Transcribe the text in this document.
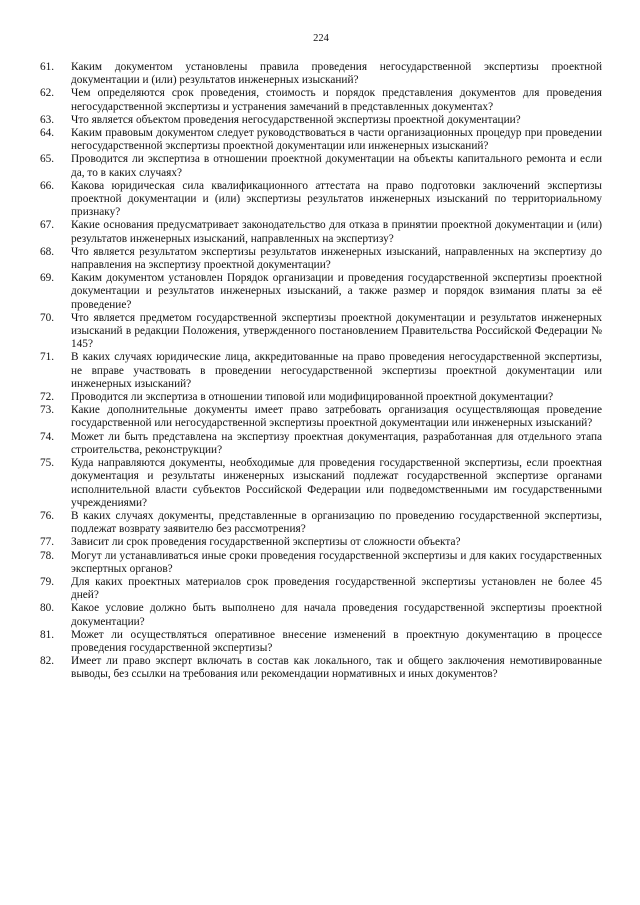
224
61.	Каким документом установлены правила проведения негосударственной экспертизы проектной документации и (или) результатов инженерных изысканий?
62.	Чем определяются срок проведения, стоимость и порядок представления документов для проведения негосударственной экспертизы и устранения замечаний в представленных документах?
63.	Что является объектом проведения негосударственной экспертизы проектной документации?
64.	Каким правовым документом следует руководствоваться в части организационных процедур при проведении негосударственной экспертизы проектной документации или инженерных изысканий?
65.	Проводится ли экспертиза в отношении проектной документации на объекты капитального ремонта и если да, то в каких случаях?
66.	Какова юридическая сила квалификационного аттестата на право подготовки заключений экспертизы проектной документации и (или) экспертизы результатов инженерных изысканий по территориальному признаку?
67.	Какие основания предусматривает законодательство для отказа в принятии проектной документации и (или) результатов инженерных изысканий, направленных на экспертизу?
68.	Что является результатом экспертизы результатов инженерных изысканий, направленных на экспертизу до направления на экспертизу проектной документации?
69.	Каким документом установлен Порядок организации и проведения государственной экспертизы проектной документации и результатов инженерных изысканий, а также размер и порядок взимания платы за её проведение?
70.	Что является предметом государственной экспертизы проектной документации и результатов инженерных изысканий в редакции Положения, утвержденного постановлением Правительства Российской Федерации № 145?
71.	В каких случаях юридические лица, аккредитованные на право проведения негосударственной экспертизы, не вправе участвовать в проведении негосударственной экспертизы проектной документации или инженерных изысканий?
72.	Проводится ли экспертиза в отношении типовой или модифицированной проектной документации?
73.	Какие дополнительные документы имеет право затребовать организация осуществляющая проведение государственной или негосударственной экспертизы проектной документации или инженерных изысканий?
74.	Может ли быть представлена на экспертизу проектная документация, разработанная для отдельного этапа строительства, реконструкции?
75.	Куда направляются документы, необходимые для проведения государственной экспертизы, если проектная документация и результаты инженерных изысканий подлежат государственной экспертизе органами исполнительной власти субъектов Российской Федерации или подведомственными им государственными учреждениями?
76.	В каких случаях документы, представленные в организацию по проведению государственной экспертизы, подлежат возврату заявителю без рассмотрения?
77.	Зависит ли срок проведения государственной экспертизы от сложности объекта?
78.	Могут ли устанавливаться иные сроки проведения государственной экспертизы и для каких государственных экспертных органов?
79.	Для каких проектных материалов срок проведения государственной экспертизы установлен не более 45 дней?
80.	Какое условие должно быть выполнено для начала проведения государственной экспертизы проектной документации?
81.	Может ли осуществляться оперативное внесение изменений в проектную документацию в процессе проведения государственной экспертизы?
82.	Имеет ли право эксперт включать в состав как локального, так и общего заключения немотивированные выводы, без ссылки на требования или рекомендации нормативных и иных документов?
